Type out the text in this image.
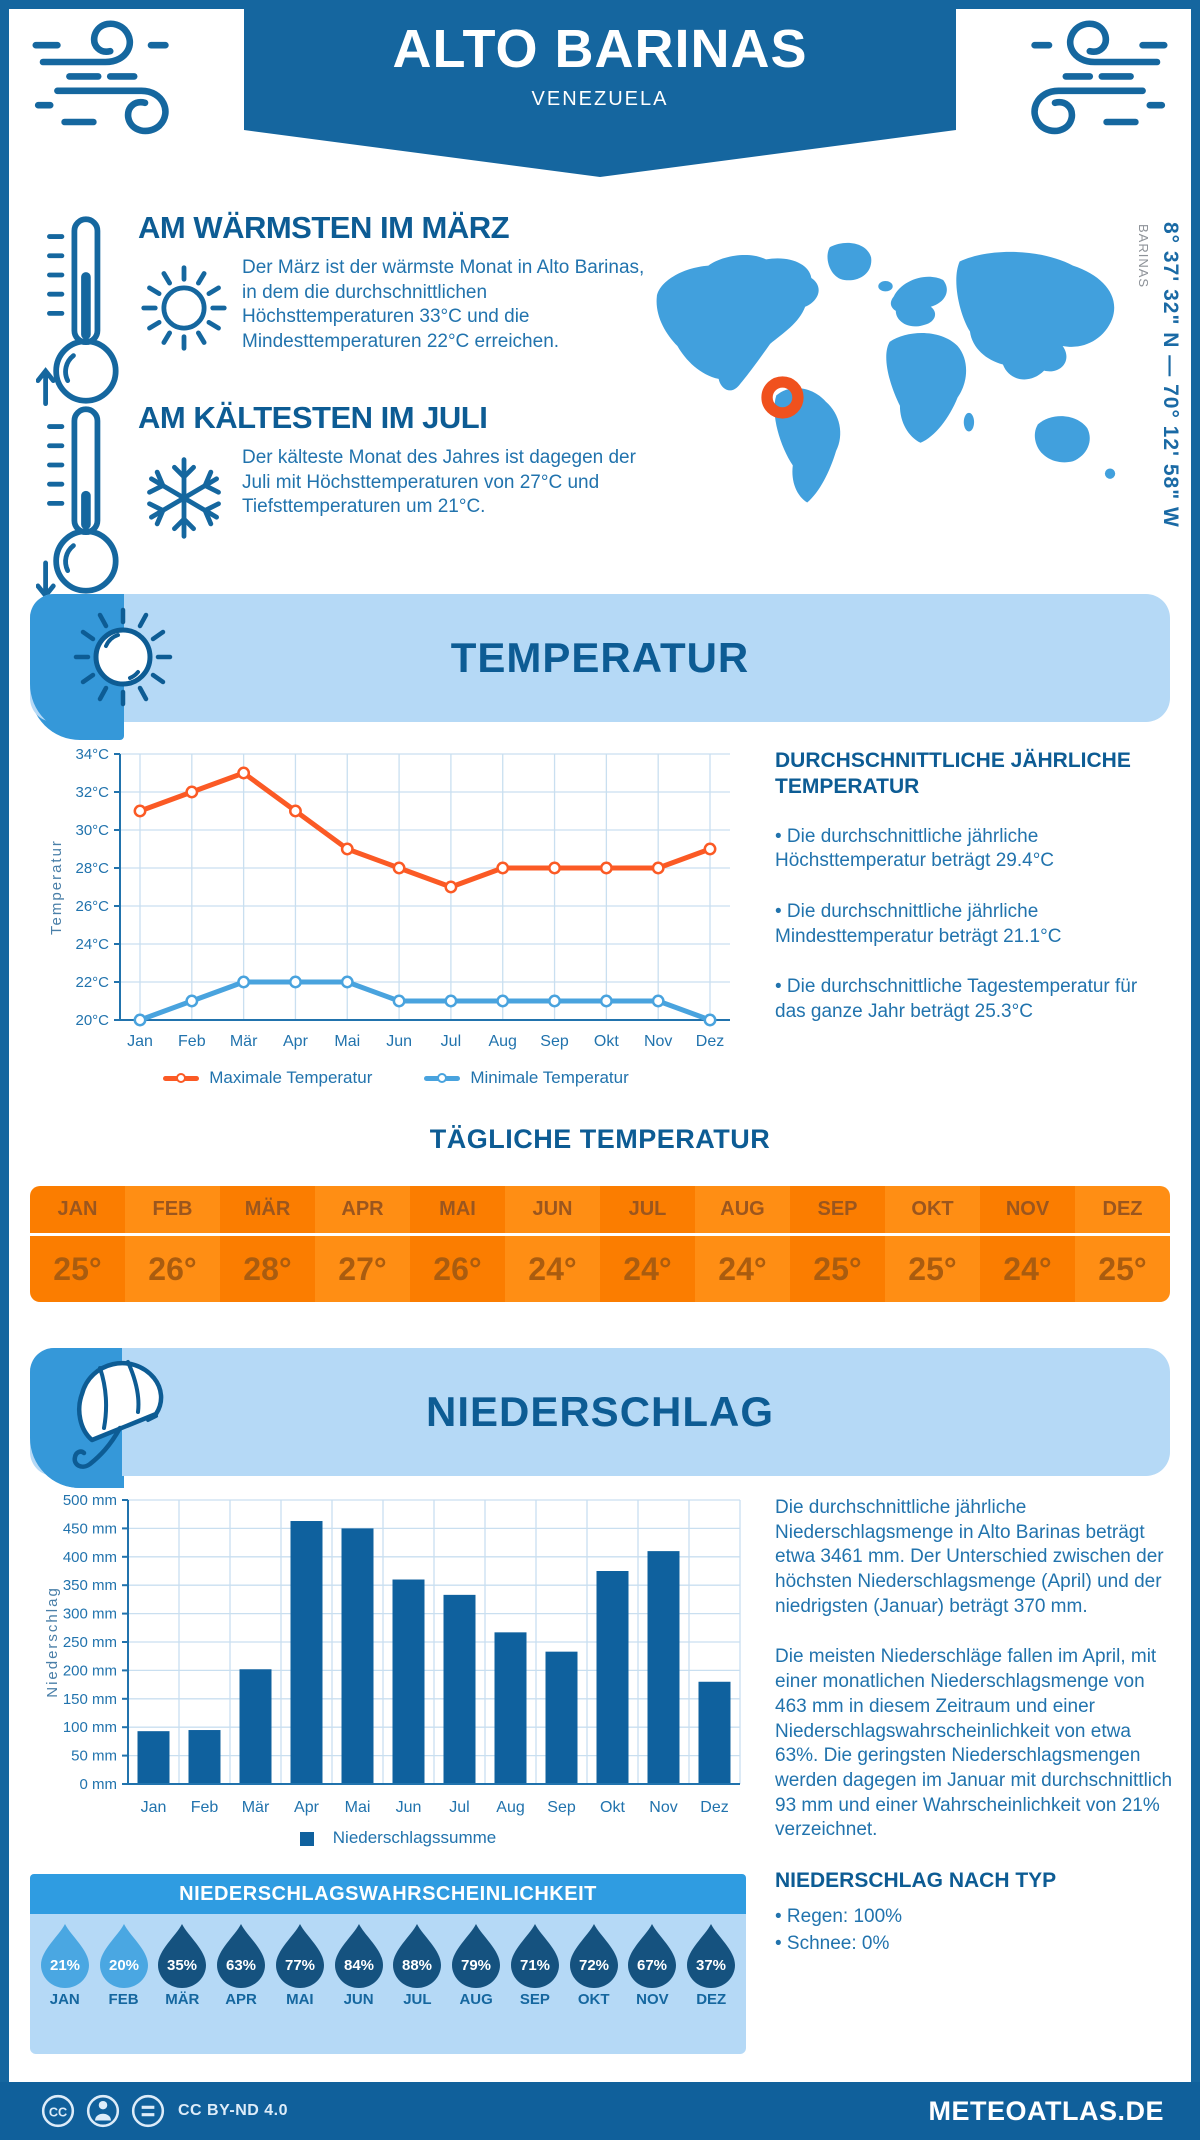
ALTO BARINAS
VENEZUELA
AM WÄRMSTEN IM MÄRZ
Der März ist der wärmste Monat in Alto Barinas, in dem die durchschnittlichen Höchsttemperaturen 33°C und die Mindesttemperaturen 22°C erreichen.
AM KÄLTESTEN IM JULI
Der kälteste Monat des Jahres ist dagegen der Juli mit Höchsttemperaturen von 27°C und Tiefsttemperaturen um 21°C.	8° 37' 32" N — 70° 12' 58" W
BARINAS
TEMPERATUR
20°C
22°C
24°C
26°C
28°C
30°C
32°C
34°C
Jan Feb Mär Apr Mai Jun Jul Aug Sep Okt Nov Dez
Temperatur
Maximale Temperatur	Minimale Temperatur
DURCHSCHNITTLICHE JÄHRLICHE TEMPERATUR

• Die durchschnittliche jährliche Höchsttemperatur beträgt 29.4°C

• Die durchschnittliche jährliche Mindesttemperatur beträgt 21.1°C

• Die durchschnittliche Tagestemperatur für das ganze Jahr beträgt 25.3°C

TÄGLICHE TEMPERATUR
JAN
25°
FEB
26°
MÄR
28°
APR
27°
MAI
26°
JUN
24°
JUL
24°
AUG
24°
SEP
25°
OKT
25°
NOV
24°
DEZ
25°
NIEDERSCHLAG
0 mm
50 mm
100 mm
150 mm
200 mm
250 mm
300 mm
350 mm
400 mm
450 mm
500 mm
Jan Feb Mär Apr Mai Jun Jul Aug Sep Okt Nov Dez
Niederschlag
Niederschlagssumme

Die durchschnittliche jährliche Niederschlagsmenge in Alto Barinas beträgt etwa 3461 mm. Der Unterschied zwischen der höchsten Niederschlagsmenge (April) und der niedrigsten (Januar) beträgt 370 mm.

Die meisten Niederschläge fallen im April, mit einer monatlichen Niederschlagsmenge von 463 mm in diesem Zeitraum und einer Niederschlagswahrscheinlichkeit von etwa 63%. Die geringsten Niederschlagsmengen werden dagegen im Januar mit durchschnittlich 93 mm und einer Wahrscheinlichkeit von 21% verzeichnet.

NIEDERSCHLAG NACH TYP

• Regen: 100%

• Schnee: 0%

NIEDERSCHLAGSWAHRSCHEINLICHKEIT
21%
JAN
20%
FEB
35%
MÄR
63%
APR
77%
MAI
84%
JUN
88%
JUL
79%
AUG
71%
SEP
72%
OKT
67%
NOV
37%
DEZ
CC	CC BY-ND 4.0	METEOATLAS.DE
